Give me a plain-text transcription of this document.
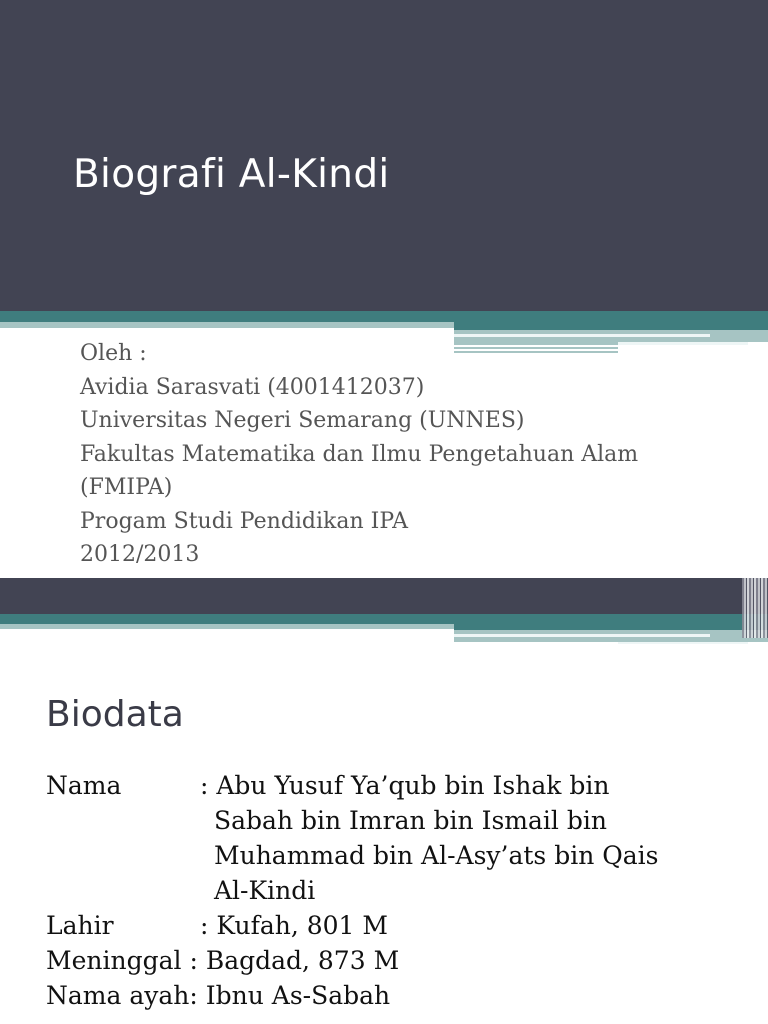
Biografi Al-Kindi
Oleh :
Avidia Sarasvati (4001412037)
Universitas Negeri Semarang (UNNES)
Fakultas Matematika dan Ilmu Pengetahuan Alam
(FMIPA)
Progam Studi Pendidikan IPA
2012/2013
Biodata
Nama	: Abu Yusuf Ya’qub bin Ishak bin
Sabah bin Imran bin Ismail bin
Muhammad bin Al-Asy’ats bin Qais
Al-Kindi
Lahir	: Kufah, 801 M
Meninggal : Bagdad, 873 M
Nama ayah : Ibnu As-Sabah
